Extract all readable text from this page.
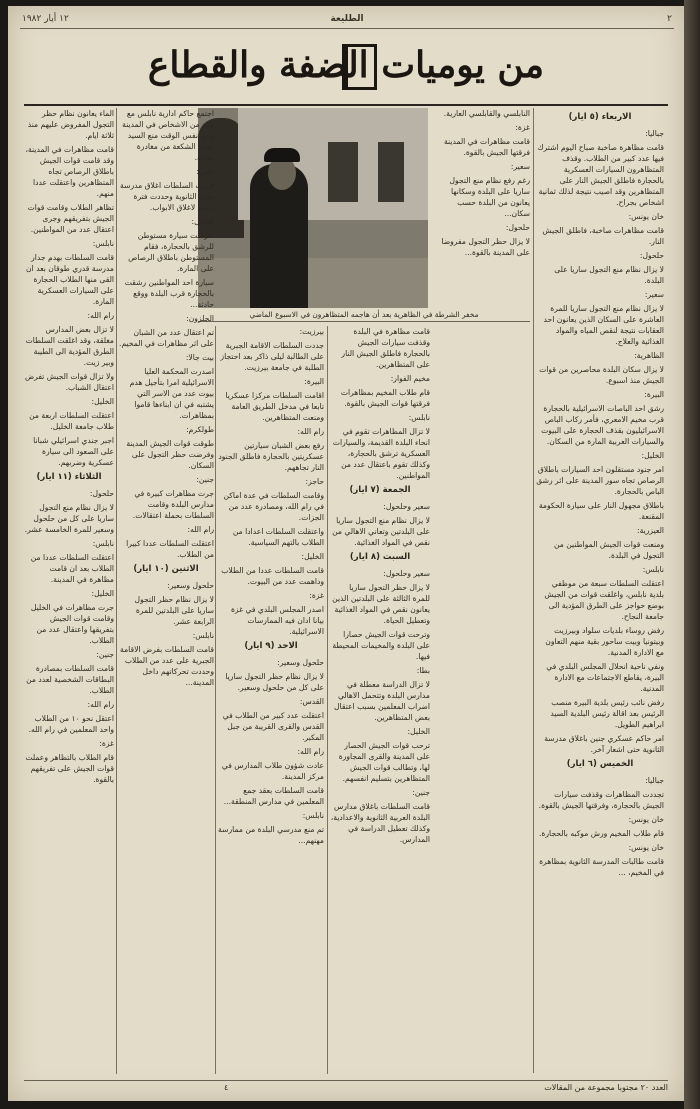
٢
الطليعة
١٢ أيار ١٩٨٢
من يوميات الضفة والقطاع
مخفر الشرطة في الظاهرية بعد أن هاجمه المتظاهرون في الاسبوع الماضي
الاربعاء (٥ ايار)

جباليا:

قامت مظاهرة صاخبة صباح اليوم اشترك فيها عدد كبير من الطلاب. وقذف المتظاهرون السيارات العسكرية بالحجارة فاطلق الجيش النار على المتظاهرين وقد اصيب نتيجة لذلك ثمانية اشخاص بجراح.

خان يونس:

قامت مظاهرات صاخبة، فاطلق الجيش النار.

حلحول:

لا يزال نظام منع التجول ساريا على البلدة.

سعير:

لا يزال نظام منع التجول ساريا للمرة العاشرة على السكان الذين يعانون احد العقابات نتيجة لنقص المياه والمواد الغذائية والعلاج.

الظاهرية:

لا يزال سكان البلدة محاصرين من قوات الجيش منذ اسبوع.

البيرة:

رشق احد الباصات الاسرائيلية بالحجارة قرب مخيم الامعري، فأمر ركاب الباص الاسرائيليون بقذف الحجارة على البيوت والسيارات العربية المارة من السكان.

الخليل:

امر جنود مستقلون احد السيارات باطلاق الرصاص تجاه سور المدينة على اثر رشق الباص بالحجارة.

باطلاق مجهول النار على سيارة الحكومة المقنعة.

العيزرية:

ومنعت قوات الجيش المواطنين من التجول في البلدة.

نابلس:

اعتقلت السلطات سبعة من موظفي بلدية نابلس، واغلقت قوات من الجيش بوضع حواجز على الطرق المؤدية الى جامعة النجاح.

رفض روساء بلديات سلواد وبيرزيت وبيتونيا وبيت ساحور بقية منهم التعاون مع الادارة المدنية.

ونفي ناحية انحلال المجلس البلدي في البيرة، يقاطع الاجتماعات مع الادارة المدنية.

رفض نائب رئيس بلدية البيرة منصب الرئيس بعد اقالة رئيس البلدية السيد ابراهيم الطويل.

امر حاكم عسكري جنين باغلاق مدرسة الثانوية حتى اشعار آخر.

الخميس (٦ ايار)

جباليا:

تجددت المظاهرات وقذفت سيارات الجيش بالحجارة، وفرقتها الجيش بالقوة.

خان يونس:

قام طلاب المخيم ورش موكبه بالحجارة.

خان يونس:

قامت طالبات المدرسة الثانوية بمظاهرة في المخيم، ...

النابلسي والقابلسي العارية.

غزة:

قامت مظاهرات في المدينة فرقتها الجيش بالقوة.

سعير:

رغم رفع نظام منع التجول ساريا على البلدة وسكانها يعانون من البلدة حسب سكان...

حلحول:

لا يزال حظر التجول مفروضا على المدينة بالقوة...

قامت مظاهرة في البلدة وقذفت سيارات الجيش بالحجارة فاطلق الجيش النار على المتظاهرين.

مخيم الفوار:

قام طلاب المخيم بمظاهرات فرقتها قوات الجيش بالقوة.

نابلس:

لا تزال المظاهرات تقوم في انحاء البلدة القديمة، والسيارات العسكرية ترشق بالحجارة، وكذلك تقوم باعتقال عدد من المواطنين.

الجمعة (٧ ايار)

سعير وحلحول:

لا يزال نظام منع التجول ساريا على البلدتين وتعاني الاهالي من نقص في المواد الغذائية.

السبت (٨ ايار)

سعير وحلحول:

لا يزال حظر التجول ساريا للمرة الثالثة على البلدتين الذين يعانون نقص في المواد الغذائية وتعطيل الحياة.

وترحت قوات الجيش حصارا على البلدة والمخيمات المحيطة فيها.

بطا:

لا تزال الدراسة معطلة في مدارس البلدة وتتحمل الاهالي اضراب المعلمين بسبب اعتقال بعض المتظاهرين.

الخليل:

ترحب قوات الجيش الحصار على المدينة والقرى المجاورة لها، وتطالب قوات الجيش المتظاهرين بتسليم انفسهم.

جنين:

قامت السلطات باغلاق مدارس البلدة العربية الثانوية والاعدادية، وكذلك تعطيل الدراسة في المدارس.

بيرزيت:

جددت السلطات الاقامة الجبرية على الطالبة ليلى ذاكر بعد احتجاز الطلبة في جامعة بيرزيت.

البيرة:

اقامت السلطات مركزا عسكريا تابعا في مدخل الطريق العامة ومنعت المتظاهرين.

رام الله:

رفع بعض الشبان سيارتين عسكريتين بالحجارة فاطلق الجنود النار تجاههم.

حاجز:

وقامت السلطات في عدة اماكن في رام الله، ومصادرة عدد من الجزات.

واعتقلت السلطات اعدادا من الطلاب بالتهم السياسية.

الخليل:

قامت السلطات عددا من الطلاب وداهمت عدد من البيوت.

غزة:

اصدر المجلس البلدي في غزة بيانا ادان فيه الممارسات الاسرائيلية.

الاحد (٩ ايار)

حلحول وسعير:

لا يزال نظام حظر التجول ساريا على كل من حلحول وسعير.

القدس:

اعتقلت عدد كبير من الطلاب في القدس والقرى القريبة من جبل المكبر.

رام الله:

عادت شؤون طلاب المدارس في مركز المدينة.

قامت السلطات بعقد جمع المعلمين في مدارس المنطقة...

نابلس:

تم منع مدرسي البلدة من ممارسة مهنهم...

اجتمع حاكم ادارية نابلس مع عدد من الاشخاص في المدينة وفي نفس الوقت منع السيد بسام الشكعة من مغادرة منزله.

جنين:

قررت السلطات اغلاق مدرسة جنين الثانوية وحددت فترة زمنية لاغلاق الابواب.

الخليل:

تعرضت سيارة مستوطن للرشق بالحجارة، فقام المستوطن باطلاق الرصاص على المارة.

سيارة احد المواطنين رشقت بالحجارة قرب البلدة ووقع حادثة...

الجلزون:

تم اعتقال عدد من الشبان على اثر مظاهرات في المخيم.

بيت جالا:

اصدرت المحكمة العليا الاسرائيلية امرا بتأجيل هدم بيوت عدد من الاسر التي يشتبه في ان ابناءها قاموا بمظاهرات.

طولكرم:

طوقت قوات الجيش المدينة وفرضت حظر التجول على السكان.

جنين:

جرت مظاهرات كبيرة في مدارس البلدة وقامت السلطات بحملة اعتقالات.

رام الله:

اعتقلت السلطات عددا كبيرا من الطلاب.

الاثنين (١٠ ايار)

حلحول وسعير:

لا يزال نظام حظر التجول ساريا على البلدتين للمرة الرابعة عشر.

نابلس:

قامت السلطات بفرض الاقامة الجبرية على عدد من الطلاب وحددت تحركاتهم داخل المدينة...

الماء يعانون نظام حظر التجول المفروض عليهم منذ ثلاثة ايام.

قامت مظاهرات في المدينة، وقد قامت قوات الجيش باطلاق الرصاص تجاه المتظاهرين واعتقلت عددا منهم.

تظاهر الطلاب وقامت قوات الجيش بتفريقهم وجرى اعتقال عدد من المواطنين.

نابلس:

قامت السلطات بهدم جدار مدرسة قدري طوقان بعد ان القى منها الطلاب الحجارة على السيارات العسكرية المارة.

رام الله:

لا تزال بعض المدارس مغلقة، وقد اغلقت السلطات الطرق المؤدية الى الطيبة وبير زيت.

ولا تزال قوات الجيش تفرض اعتقال الشباب.

الخليل:

اعتقلت السلطات اربعة من طلاب جامعة الخليل.

اجبر جندي اسرائيلي شبانا على الصعود الى سيارة عسكرية وضربهم.

الثلاثاء (١١ ايار)

حلحول:

لا يزال نظام منع التجول ساريا على كل من حلحول وسعير للمرة الخامسة عشر.

نابلس:

اعتقلت السلطات عددا من الطلاب بعد ان قامت مظاهرة في المدينة.

الخليل:

جرت مظاهرات في الخليل وقامت قوات الجيش بتفريقها واعتقال عدد من الطلاب.

جنين:

قامت السلطات بمصادرة البطاقات الشخصية لعدد من الطلاب.

رام الله:

اعتقل نحو ١٠ من الطلاب واحد المعلمين في رام الله.

غزة:

قام الطلاب بالتظاهر وعملت قوات الجيش على تفريقهم بالقوة.

العدد ٢٠ مجتوبا مجموعة من المقالات
٤
